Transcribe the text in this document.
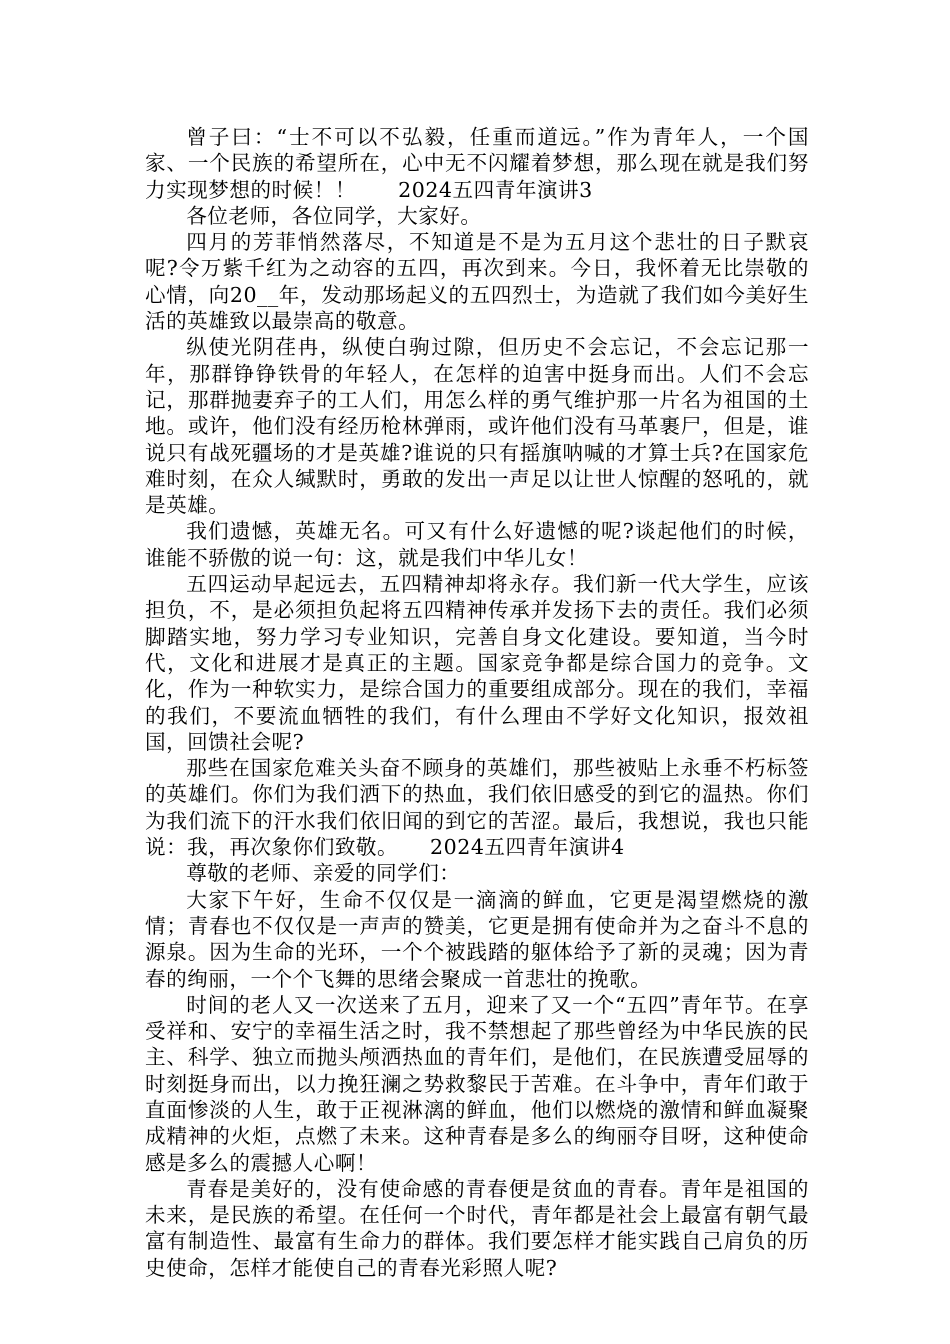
曾子曰：“士不可以不弘毅，任重而道远。”作为青年人，一个国家、一个民族的希望所在，心中无不闪耀着梦想，那么现在就是我们努力实现梦想的时候！！　　2024五四青年演讲3

各位老师，各位同学，大家好。

四月的芳菲悄然落尽，不知道是不是为五月这个悲壮的日子默哀呢?令万紫千红为之动容的五四，再次到来。今日，我怀着无比崇敬的心情，向20__年，发动那场起义的五四烈士，为造就了我们如今美好生活的英雄致以最崇高的敬意。

纵使光阴荏冉，纵使白驹过隙，但历史不会忘记，不会忘记那一年，那群铮铮铁骨的年轻人，在怎样的迫害中挺身而出。人们不会忘记，那群抛妻弃子的工人们，用怎么样的勇气维护那一片名为祖国的土地。或许，他们没有经历枪林弹雨，或许他们没有马革裹尸，但是，谁说只有战死疆场的才是英雄?谁说的只有摇旗呐喊的才算士兵?在国家危难时刻，在众人缄默时，勇敢的发出一声足以让世人惊醒的怒吼的，就是英雄。

我们遗憾，英雄无名。可又有什么好遗憾的呢?谈起他们的时候，谁能不骄傲的说一句：这，就是我们中华儿女！

五四运动早起远去，五四精神却将永存。我们新一代大学生，应该担负，不，是必须担负起将五四精神传承并发扬下去的责任。我们必须脚踏实地，努力学习专业知识，完善自身文化建设。要知道，当今时代，文化和进展才是真正的主题。国家竞争都是综合国力的竞争。文化，作为一种软实力，是综合国力的重要组成部分。现在的我们，幸福的我们，不要流血牺牲的我们，有什么理由不学好文化知识，报效祖国，回馈社会呢?

那些在国家危难关头奋不顾身的英雄们，那些被贴上永垂不朽标签的英雄们。你们为我们洒下的热血，我们依旧感受的到它的温热。你们为我们流下的汗水我们依旧闻的到它的苦涩。最后，我想说，我也只能说：我，再次象你们致敬。　　2024五四青年演讲4

尊敬的老师、亲爱的同学们：

大家下午好，生命不仅仅是一滴滴的鲜血，它更是渴望燃烧的激情；青春也不仅仅是一声声的赞美，它更是拥有使命并为之奋斗不息的源泉。因为生命的光环，一个个被践踏的躯体给予了新的灵魂；因为青春的绚丽，一个个飞舞的思绪会聚成一首悲壮的挽歌。

时间的老人又一次送来了五月，迎来了又一个“五四”青年节。在享受祥和、安宁的幸福生活之时，我不禁想起了那些曾经为中华民族的民主、科学、独立而抛头颅洒热血的青年们，是他们，在民族遭受屈辱的时刻挺身而出，以力挽狂澜之势救黎民于苦难。在斗争中，青年们敢于直面惨淡的人生，敢于正视淋漓的鲜血，他们以燃烧的激情和鲜血凝聚成精神的火炬，点燃了未来。这种青春是多么的绚丽夺目呀，这种使命感是多么的震撼人心啊！

青春是美好的，没有使命感的青春便是贫血的青春。青年是祖国的未来，是民族的希望。在任何一个时代，青年都是社会上最富有朝气最富有制造性、最富有生命力的群体。我们要怎样才能实践自己肩负的历史使命，怎样才能使自己的青春光彩照人呢?
